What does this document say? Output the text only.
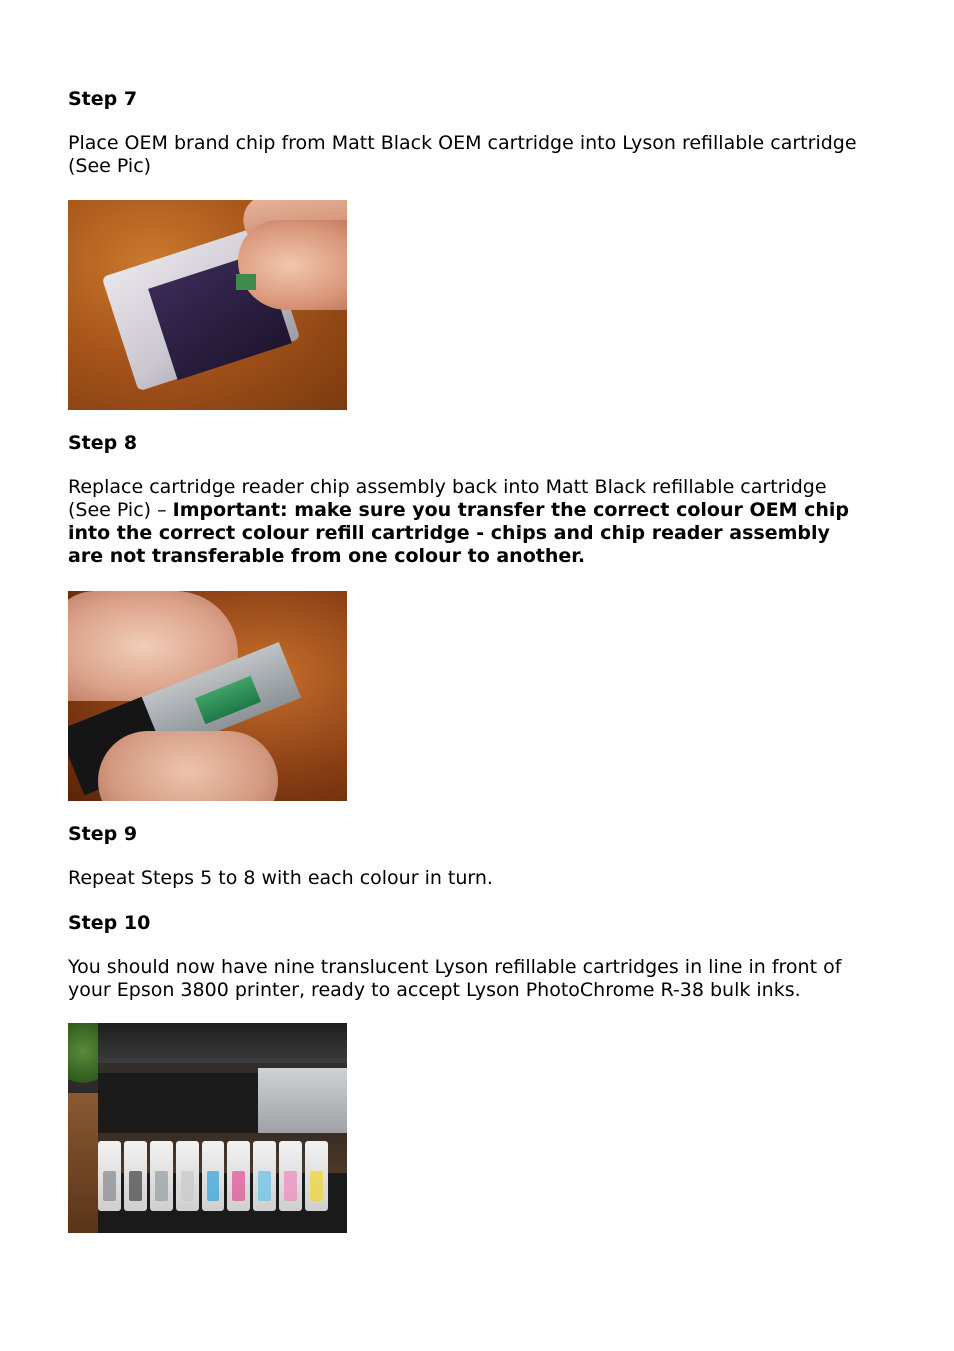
Step 7

Place OEM brand chip from Matt Black OEM cartridge into Lyson refillable cartridge (See Pic)

Step 8

Replace cartridge reader chip assembly back into Matt Black refillable cartridge (See Pic) – Important: make sure you transfer the correct colour OEM chip into the correct colour refill cartridge - chips and chip reader assembly are not transferable from one colour to another.

Step 9

Repeat Steps 5 to 8 with each colour in turn.

Step 10

You should now have nine translucent Lyson refillable cartridges in line in front of your Epson 3800 printer, ready to accept Lyson PhotoChrome R-38 bulk inks.
